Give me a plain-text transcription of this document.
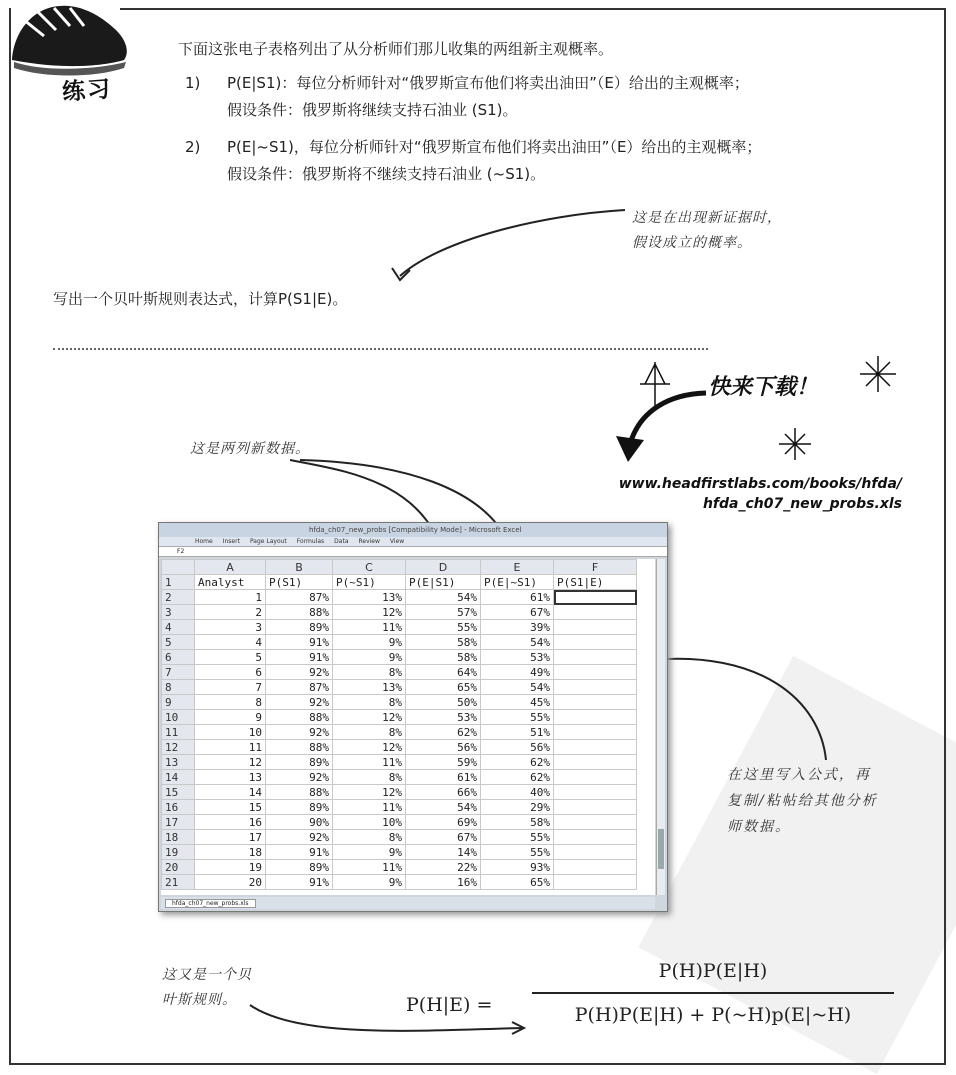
练习
下面这张电子表格列出了从分析师们那儿收集的两组新主观概率。
1) P(E|S1)：每位分析师针对“俄罗斯宣布他们将卖出油田”（E）给出的主观概率；
假设条件：俄罗斯将继续支持石油业 (S1)。
2) P(E|~S1)，每位分析师针对“俄罗斯宣布他们将卖出油田”（E）给出的主观概率；
假设条件：俄罗斯将不继续支持石油业 (~S1)。
这是在出现新证据时，
假设成立的概率。
写出一个贝叶斯规则表达式，计算P(S1|E)。
快来下载！
www.headfirstlabs.com/books/hfda/
hfda_ch07_new_probs.xls
这是两列新数据。
hfda_ch07_new_probs [Compatibility Mode] - Microsoft Excel
Home Insert Page Layout Formulas Data Review View
F2
	A	B	C	D	E	F
1	Analyst	P(S1)	P(~S1)	P(E|S1)	P(E|~S1)	P(S1|E)
2	1	87%	13%	54%	61%	
3	2	88%	12%	57%	67%	
4	3	89%	11%	55%	39%	
5	4	91%	9%	58%	54%	
6	5	91%	9%	58%	53%	
7	6	92%	8%	64%	49%	
8	7	87%	13%	65%	54%	
9	8	92%	8%	50%	45%	
10	9	88%	12%	53%	55%	
11	10	92%	8%	62%	51%	
12	11	88%	12%	56%	56%	
13	12	89%	11%	59%	62%	
14	13	92%	8%	61%	62%	
15	14	88%	12%	66%	40%	
16	15	89%	11%	54%	29%	
17	16	90%	10%	69%	58%	
18	17	92%	8%	67%	55%	
19	18	91%	9%	14%	55%	
20	19	89%	11%	22%	93%	
21	20	91%	9%	16%	65%	
hfda_ch07_new_probs.xls
在这里写入公式，再
复制/粘帖给其他分析
师数据。
这又是一个贝
叶斯规则。	P(H|E) =
P(H)P(E|H)
P(H)P(E|H) + P(~H)p(E|~H)
